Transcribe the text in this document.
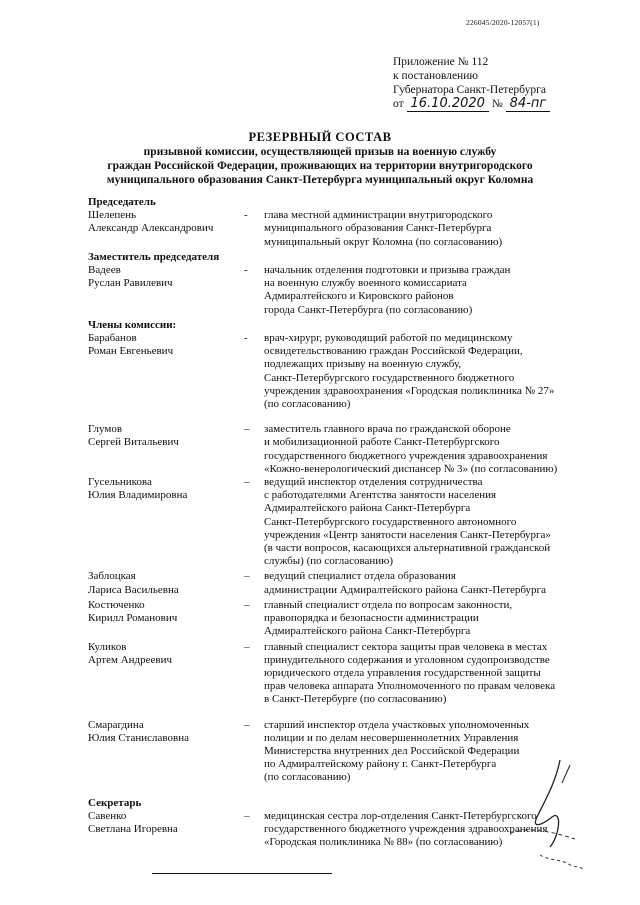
226045/2020-12057(1)
Приложение № 112
к постановлению
Губернатора Санкт-Петербурга
от 16.10.2020 № 84-пг
РЕЗЕРВНЫЙ СОСТАВ
призывной комиссии, осуществляющей призыв на военную службу
граждан Российской Федерации, проживающих на территории внутригородского
муниципального образования Санкт-Петербурга муниципальный округ Коломна
Председатель
Шелепень
Александр Александрович
-	глава местной администрации внутригородского
муниципального образования Санкт-Петербурга
муниципальный округ Коломна (по согласованию)
Заместитель председателя
Вадеев
Руслан Равилевич
-	начальник отделения подготовки и призыва граждан
на военную службу военного комиссариата
Адмиралтейского и Кировского районов
города Санкт-Петербурга (по согласованию)
Члены комиссии:
Барабанов
Роман Евгеньевич
-	врач-хирург, руководящий работой по медицинскому
освидетельствованию граждан Российской Федерации,
подлежащих призыву на военную службу,
Санкт-Петербургского государственного бюджетного
учреждения здравоохранения «Городская поликлиника № 27»
(по согласованию)
Глумов
Сергей Витальевич
–	заместитель главного врача по гражданской обороне
и мобилизационной работе Санкт-Петербургского
государственного бюджетного учреждения здравоохранения
«Кожно-венерологический диспансер № 3» (по согласованию)
Гусельникова
Юлия Владимировна
–	ведущий инспектор отделения сотрудничества
с работодателями Агентства занятости населения
Адмиралтейского района Санкт-Петербурга
Санкт-Петербургского государственного автономного
учреждения «Центр занятости населения Санкт-Петербурга»
(в части вопросов, касающихся альтернативной гражданской
службы) (по согласованию)
Заблоцкая
Лариса Васильевна
–	ведущий специалист отдела образования
администрации Адмиралтейского района Санкт-Петербурга
Костюченко
Кирилл Романович
–	главный специалист отдела по вопросам законности,
правопорядка и безопасности администрации
Адмиралтейского района Санкт-Петербурга
Куликов
Артем Андреевич
–	главный специалист сектора защиты прав человека в местах
принудительного содержания и уголовном судопроизводстве
юридического отдела управления государственной защиты
прав человека аппарата Уполномоченного по правам человека
в Санкт-Петербурге (по согласованию)
Смарагдина
Юлия Станиславовна
–	старший инспектор отдела участковых уполномоченных
полиции и по делам несовершеннолетних Управления
Министерства внутренних дел Российской Федерации
по Адмиралтейскому району г. Санкт-Петербурга
(по согласованию)
Секретарь
Савенко
Светлана Игоревна
–	медицинская сестра лор-отделения Санкт-Петербургского
государственного бюджетного учреждения здравоохранения
«Городская поликлиника № 88» (по согласованию)
